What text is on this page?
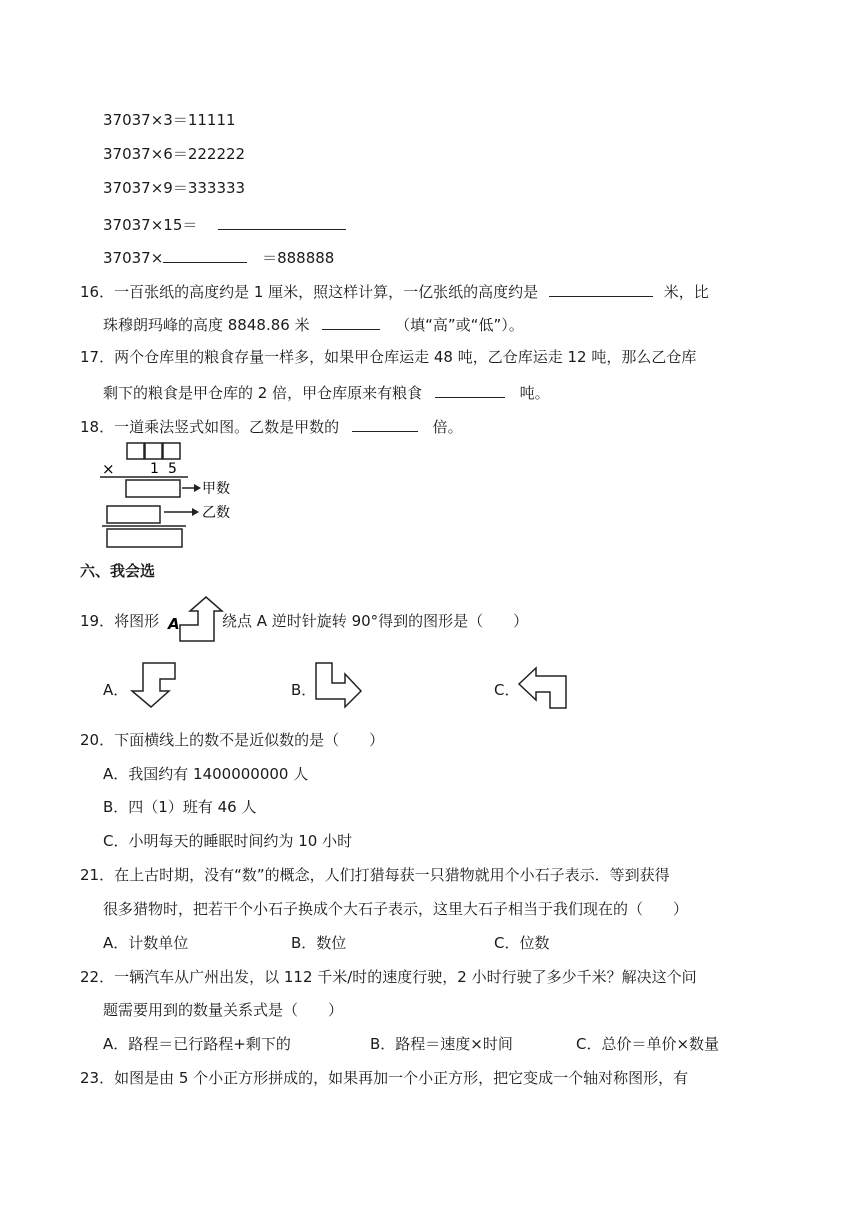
37037×3＝11111
37037×6＝222222
37037×9＝333333
37037×15＝
37037×	＝888888
16．一百张纸的高度约是 1 厘米，照这样计算，一亿张纸的高度约是	米，比
珠穆朗玛峰的高度 8848.86 米	（填“高”或“低”）。
17．两个仓库里的粮食存量一样多，如果甲仓库运走 48 吨，乙仓库运走 12 吨，那么乙仓库
剩下的粮食是甲仓库的 2 倍，甲仓库原来有粮食	吨。
18．一道乘法竖式如图。乙数是甲数的	倍。
×	1 5
甲数
乙数
六、我会选
19．将图形 A	绕点 A 逆时针旋转 90°得到的图形是（　　）
A．	B．	C．
20．下面横线上的数不是近似数的是（　　）
A．我国约有 1400000000 人
B．四（1）班有 46 人
C．小明每天的睡眠时间约为 10 小时
21．在上古时期，没有“数”的概念，人们打猎每获一只猎物就用个小石子表示．等到获得
很多猎物时，把若干个小石子换成个大石子表示，这里大石子相当于我们现在的（　　）
A．计数单位	B．数位	C．位数
22．一辆汽车从广州出发，以 112 千米/时的速度行驶，2 小时行驶了多少千米？解决这个问
题需要用到的数量关系式是（　　）
A．路程＝已行路程+剩下的	B．路程＝速度×时间	C．总价＝单价×数量
23．如图是由 5 个小正方形拼成的，如果再加一个小正方形，把它变成一个轴对称图形，有
